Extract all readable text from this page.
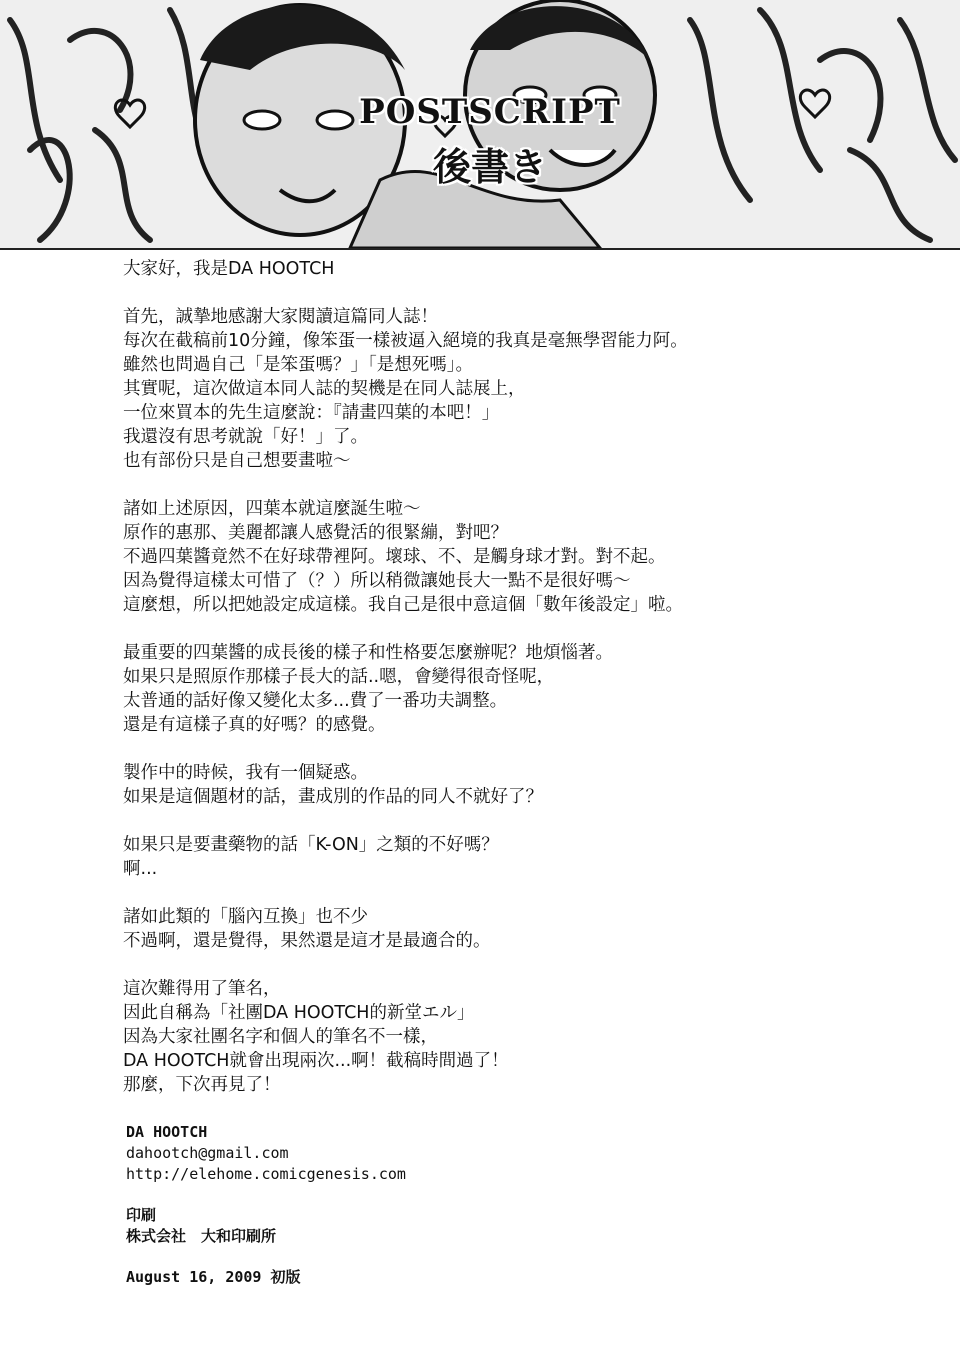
POSTSCRIPT
後書き
大家好，我是DA HOOTCH
首先，誠摯地感謝大家閱讀這篇同人誌！
每次在截稿前10分鐘，像笨蛋一樣被逼入絕境的我真是毫無學習能力阿。
雖然也問過自己「是笨蛋嗎？」「是想死嗎」。
其實呢，這次做這本同人誌的契機是在同人誌展上，
一位來買本的先生這麼說：『請畫四葉的本吧！」
我還沒有思考就說「好！」了。
也有部份只是自己想要畫啦～
諸如上述原因，四葉本就這麼誕生啦～
原作的惠那、美麗都讓人感覺活的很緊繃，對吧？
不過四葉醬竟然不在好球帶裡阿。壞球、不、是觸身球才對。對不起。
因為覺得這樣太可惜了（？）所以稍微讓她長大一點不是很好嗎～
這麼想，所以把她設定成這樣。我自己是很中意這個「數年後設定」啦。
最重要的四葉醬的成長後的樣子和性格要怎麼辦呢？地煩惱著。
如果只是照原作那樣子長大的話..嗯，會變得很奇怪呢，
太普通的話好像又變化太多...費了一番功夫調整。
還是有這樣子真的好嗎？的感覺。
製作中的時候，我有一個疑惑。
如果是這個題材的話，畫成別的作品的同人不就好了？
如果只是要畫藥物的話「K-ON」之類的不好嗎？
啊...
諸如此類的「腦內互換」也不少
不過啊，還是覺得，果然還是這才是最適合的。
這次難得用了筆名，
因此自稱為「社團DA HOOTCH的新堂エル」
因為大家社團名字和個人的筆名不一樣，
DA HOOTCH就會出現兩次...啊！截稿時間過了！
那麼，下次再見了！
DA HOOTCH
dahootch@gmail.com
http://elehome.comicgenesis.com
印刷
株式会社　大和印刷所
August 16, 2009 初版
